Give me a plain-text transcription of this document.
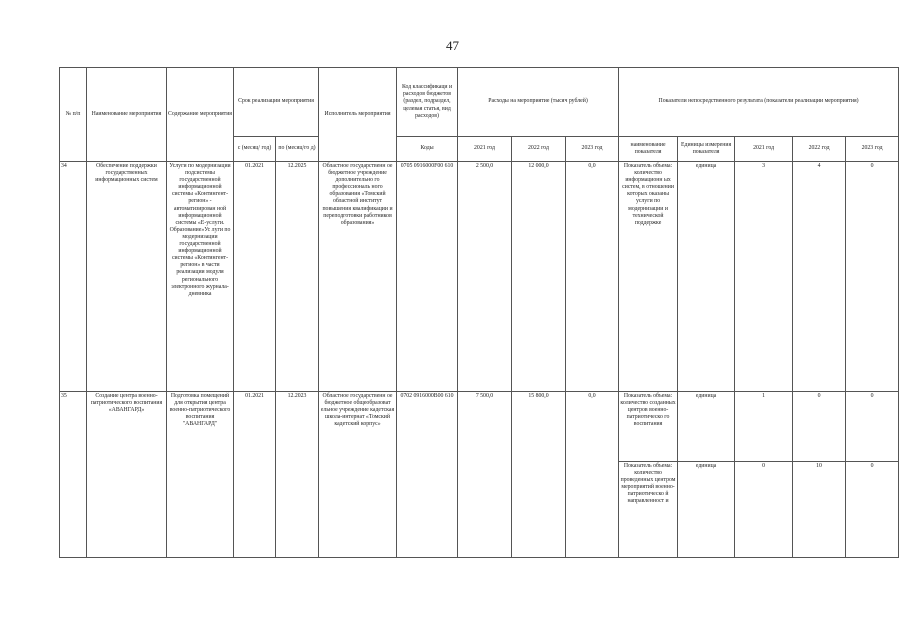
47
№ п/п	Наименование мероприятия	Содержание мероприятия	Срок реализации мероприятия		Исполнитель мероприятия	Код классификаци и расходов бюджетов (раздел, подраздел, целевая статья, вид расходов)	Расходы на мероприятие (тысяч рублей)			Показатели непосредственного результата (показатели реализации мероприятия)				
			с (месяц/ год)	по (месяц/го д)		Коды	2021 год	2022 год	2023 год	наименование показателя	Единицы измерения показателя	2021 год	2022 год	2023 год
34	Обеспечение поддержки государственных информационных систем	Услуги по модернизации подсистемы государственной информационной системы «Контингент-регион» - автоматизирован ной информационной системы «Е-услуги. Образование»Ус луги по модернизации государственной информационной системы «Контингент-регион» в части реализации модуля регионального электронного журнала-дневника	01.2021	12.2025	Областное государственн ое бюджетное учреждение дополнительно го профессиональ ного образования «Томский областной институт повышения квалификации и переподготовки работников образования»	0705 0916000F00 610	2 500,0	12 000,0	0,0	Показатель объема: количество информационн ых систем, в отношении которых оказаны услуги по модернизации и технической поддержке	единица	3	4	0
35	Создание центра военно-патриотического воспитания «АВАНГАРД»	Подготовка помещений для открытия центра военно-патриотического воспитания "АВАНГАРД"	01.2021	12.2023	Областное государственн ое бюджетное общеобразоват ельное учреждение кадетская школа-интернат «Томский кадетский корпус»	0702 0916000B00 610	7 500,0	15 800,0	0,0	Показатель объема: количество созданных центров военно-патриотическо го воспитания	единица	1	0	0
										Показатель объема: количество проведенных центром мероприятий военно-патриотическо й направленност и	единица	0	10	0
